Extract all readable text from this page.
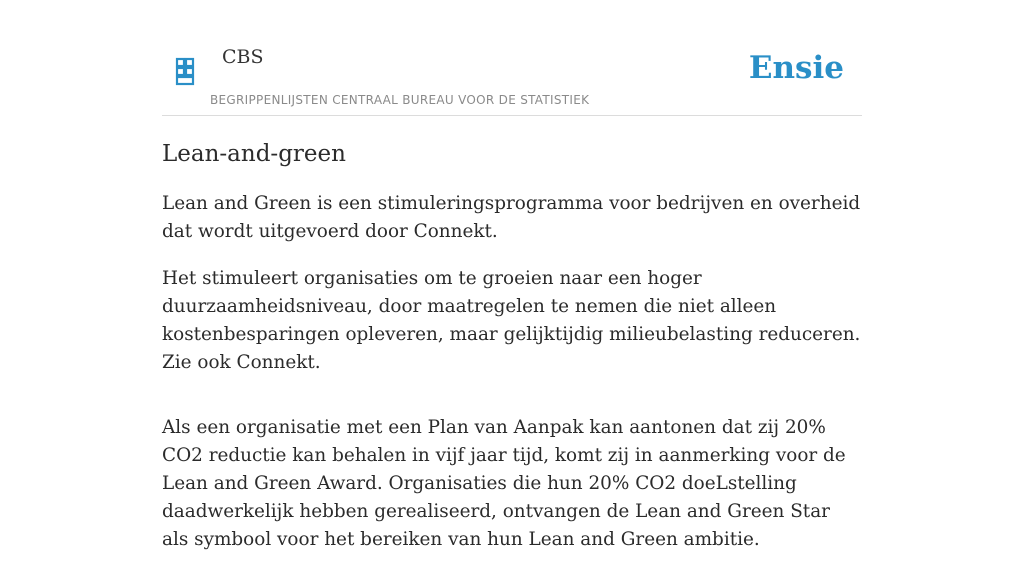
CBS
BEGRIPPENLIJSTEN CENTRAAL BUREAU VOOR DE STATISTIEK
Ensie
Lean-and-green

Lean and Green is een stimuleringsprogramma voor bedrijven en overheid dat wordt uitgevoerd door Connekt.

Het stimuleert organisaties om te groeien naar een hoger duurzaamheidsniveau, door maatregelen te nemen die niet alleen kostenbesparingen opleveren, maar gelijktijdig milieubelasting reduceren. Zie ook Connekt.

Als een organisatie met een Plan van Aanpak kan aantonen dat zij 20% CO2 reductie kan behalen in vijf jaar tijd, komt zij in aanmerking voor de Lean and Green Award. Organisaties die hun 20% CO2 doeLstelling daadwerkelijk hebben gerealiseerd, ontvangen de Lean and Green Star als symbool voor het bereiken van hun Lean and Green ambitie.
